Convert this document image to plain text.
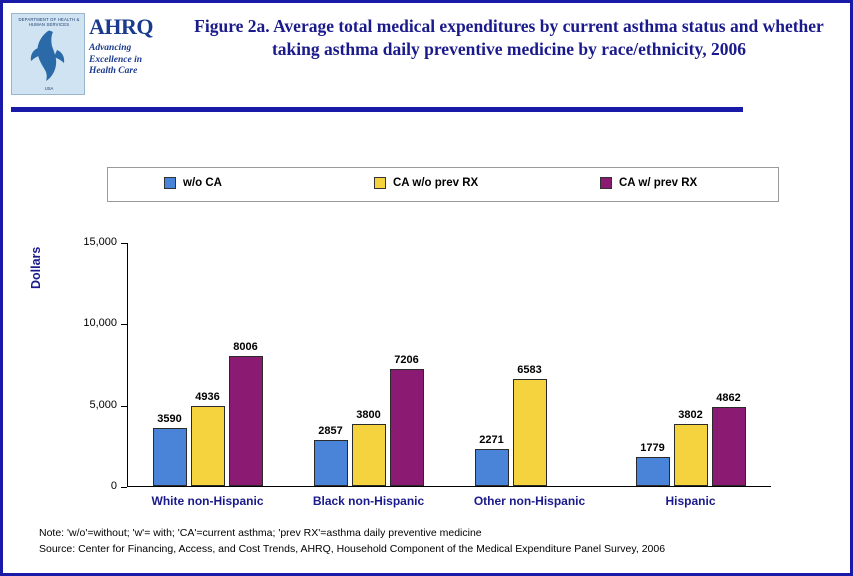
DEPARTMENT OF HEALTH & HUMAN SERVICES
USA
AHRQ
Advancing
Excellence in
Health Care
Figure 2a. Average total medical expenditures by current asthma status and whether taking asthma daily preventive medicine by race/ethnicity, 2006
w/o CA	CA w/o prev RX	CA w/ prev RX
Dollars
0
5,000
10,000
15,000
3590
4936
8006
White non-Hispanic
2857
3800
7206
Black non-Hispanic
2271
6583
Other non-Hispanic
1779
3802
4862
Hispanic
Note: 'w/o'=without; 'w'= with; 'CA'=current asthma; 'prev RX'=asthma daily preventive medicine
Source: Center for Financing, Access, and Cost Trends, AHRQ, Household Component of the Medical Expenditure Panel Survey, 2006
